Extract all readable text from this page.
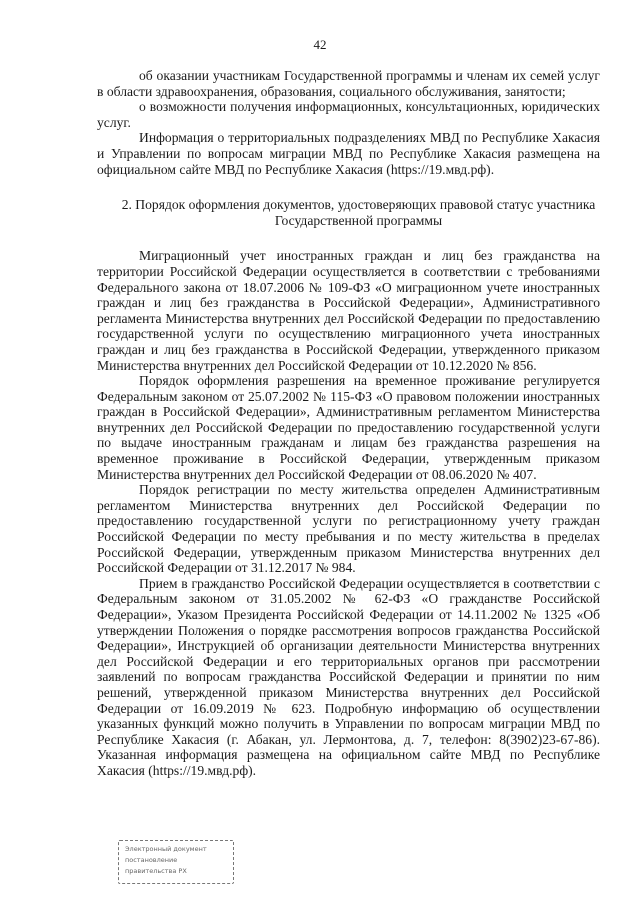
42

об оказании участникам Государственной программы и членам их семей услуг в области здравоохранения, образования, социального обслуживания, занятости;

о возможности получения информационных, консультационных, юридических услуг.

Информация о территориальных подразделениях МВД по Республике Хакасия и Управлении по вопросам миграции МВД по Республике Хакасия размещена на официальном сайте МВД по Республике Хакасия (https://19.мвд.рф).

2. Порядок оформления документов, удостоверяющих правовой статус участника Государственной программы

Миграционный учет иностранных граждан и лиц без гражданства на территории Российской Федерации осуществляется в соответствии с требованиями Федерального закона от 18.07.2006 № 109-ФЗ «О миграционном учете иностранных граждан и лиц без гражданства в Российской Федерации», Административного регламента Министерства внутренних дел Российской Федерации по предоставлению государственной услуги по осуществлению миграционного учета иностранных граждан и лиц без гражданства в Российской Федерации, утвержденного приказом Министерства внутренних дел Российской Федерации от 10.12.2020 № 856.

Порядок оформления разрешения на временное проживание регулируется Федеральным законом от 25.07.2002 № 115-ФЗ «О правовом положении иностранных граждан в Российской Федерации», Административным регламентом Министерства внутренних дел Российской Федерации по предоставлению государственной услуги по выдаче иностранным гражданам и лицам без гражданства разрешения на временное проживание в Российской Федерации, утвержденным приказом Министерства внутренних дел Российской Федерации от 08.06.2020 № 407.

Порядок регистрации по месту жительства определен Административным регламентом Министерства внутренних дел Российской Федерации по предоставлению государственной услуги по регистрационному учету граждан Российской Федерации по месту пребывания и по месту жительства в пределах Российской Федерации, утвержденным приказом Министерства внутренних дел Российской Федерации от 31.12.2017 № 984.

Прием в гражданство Российской Федерации осуществляется в соответствии с Федеральным законом от 31.05.2002 № 62-ФЗ «О гражданстве Российской Федерации», Указом Президента Российской Федерации от 14.11.2002 № 1325 «Об утверждении Положения о порядке рассмотрения вопросов гражданства Российской Федерации», Инструкцией об организации деятельности Министерства внутренних дел Российской Федерации и его территориальных органов при рассмотрении заявлений по вопросам гражданства Российской Федерации и принятии по ним решений, утвержденной приказом Министерства внутренних дел Российской Федерации от 16.09.2019 № 623. Подробную информацию об осуществлении указанных функций можно получить в Управлении по вопросам миграции МВД по Республике Хакасия (г. Абакан, ул. Лермонтова, д. 7, телефон: 8(3902)23-67-86). Указанная информация размещена на официальном сайте МВД по Республике Хакасия (https://19.мвд.рф).

Электронный документ
постановление
правительства РХ
